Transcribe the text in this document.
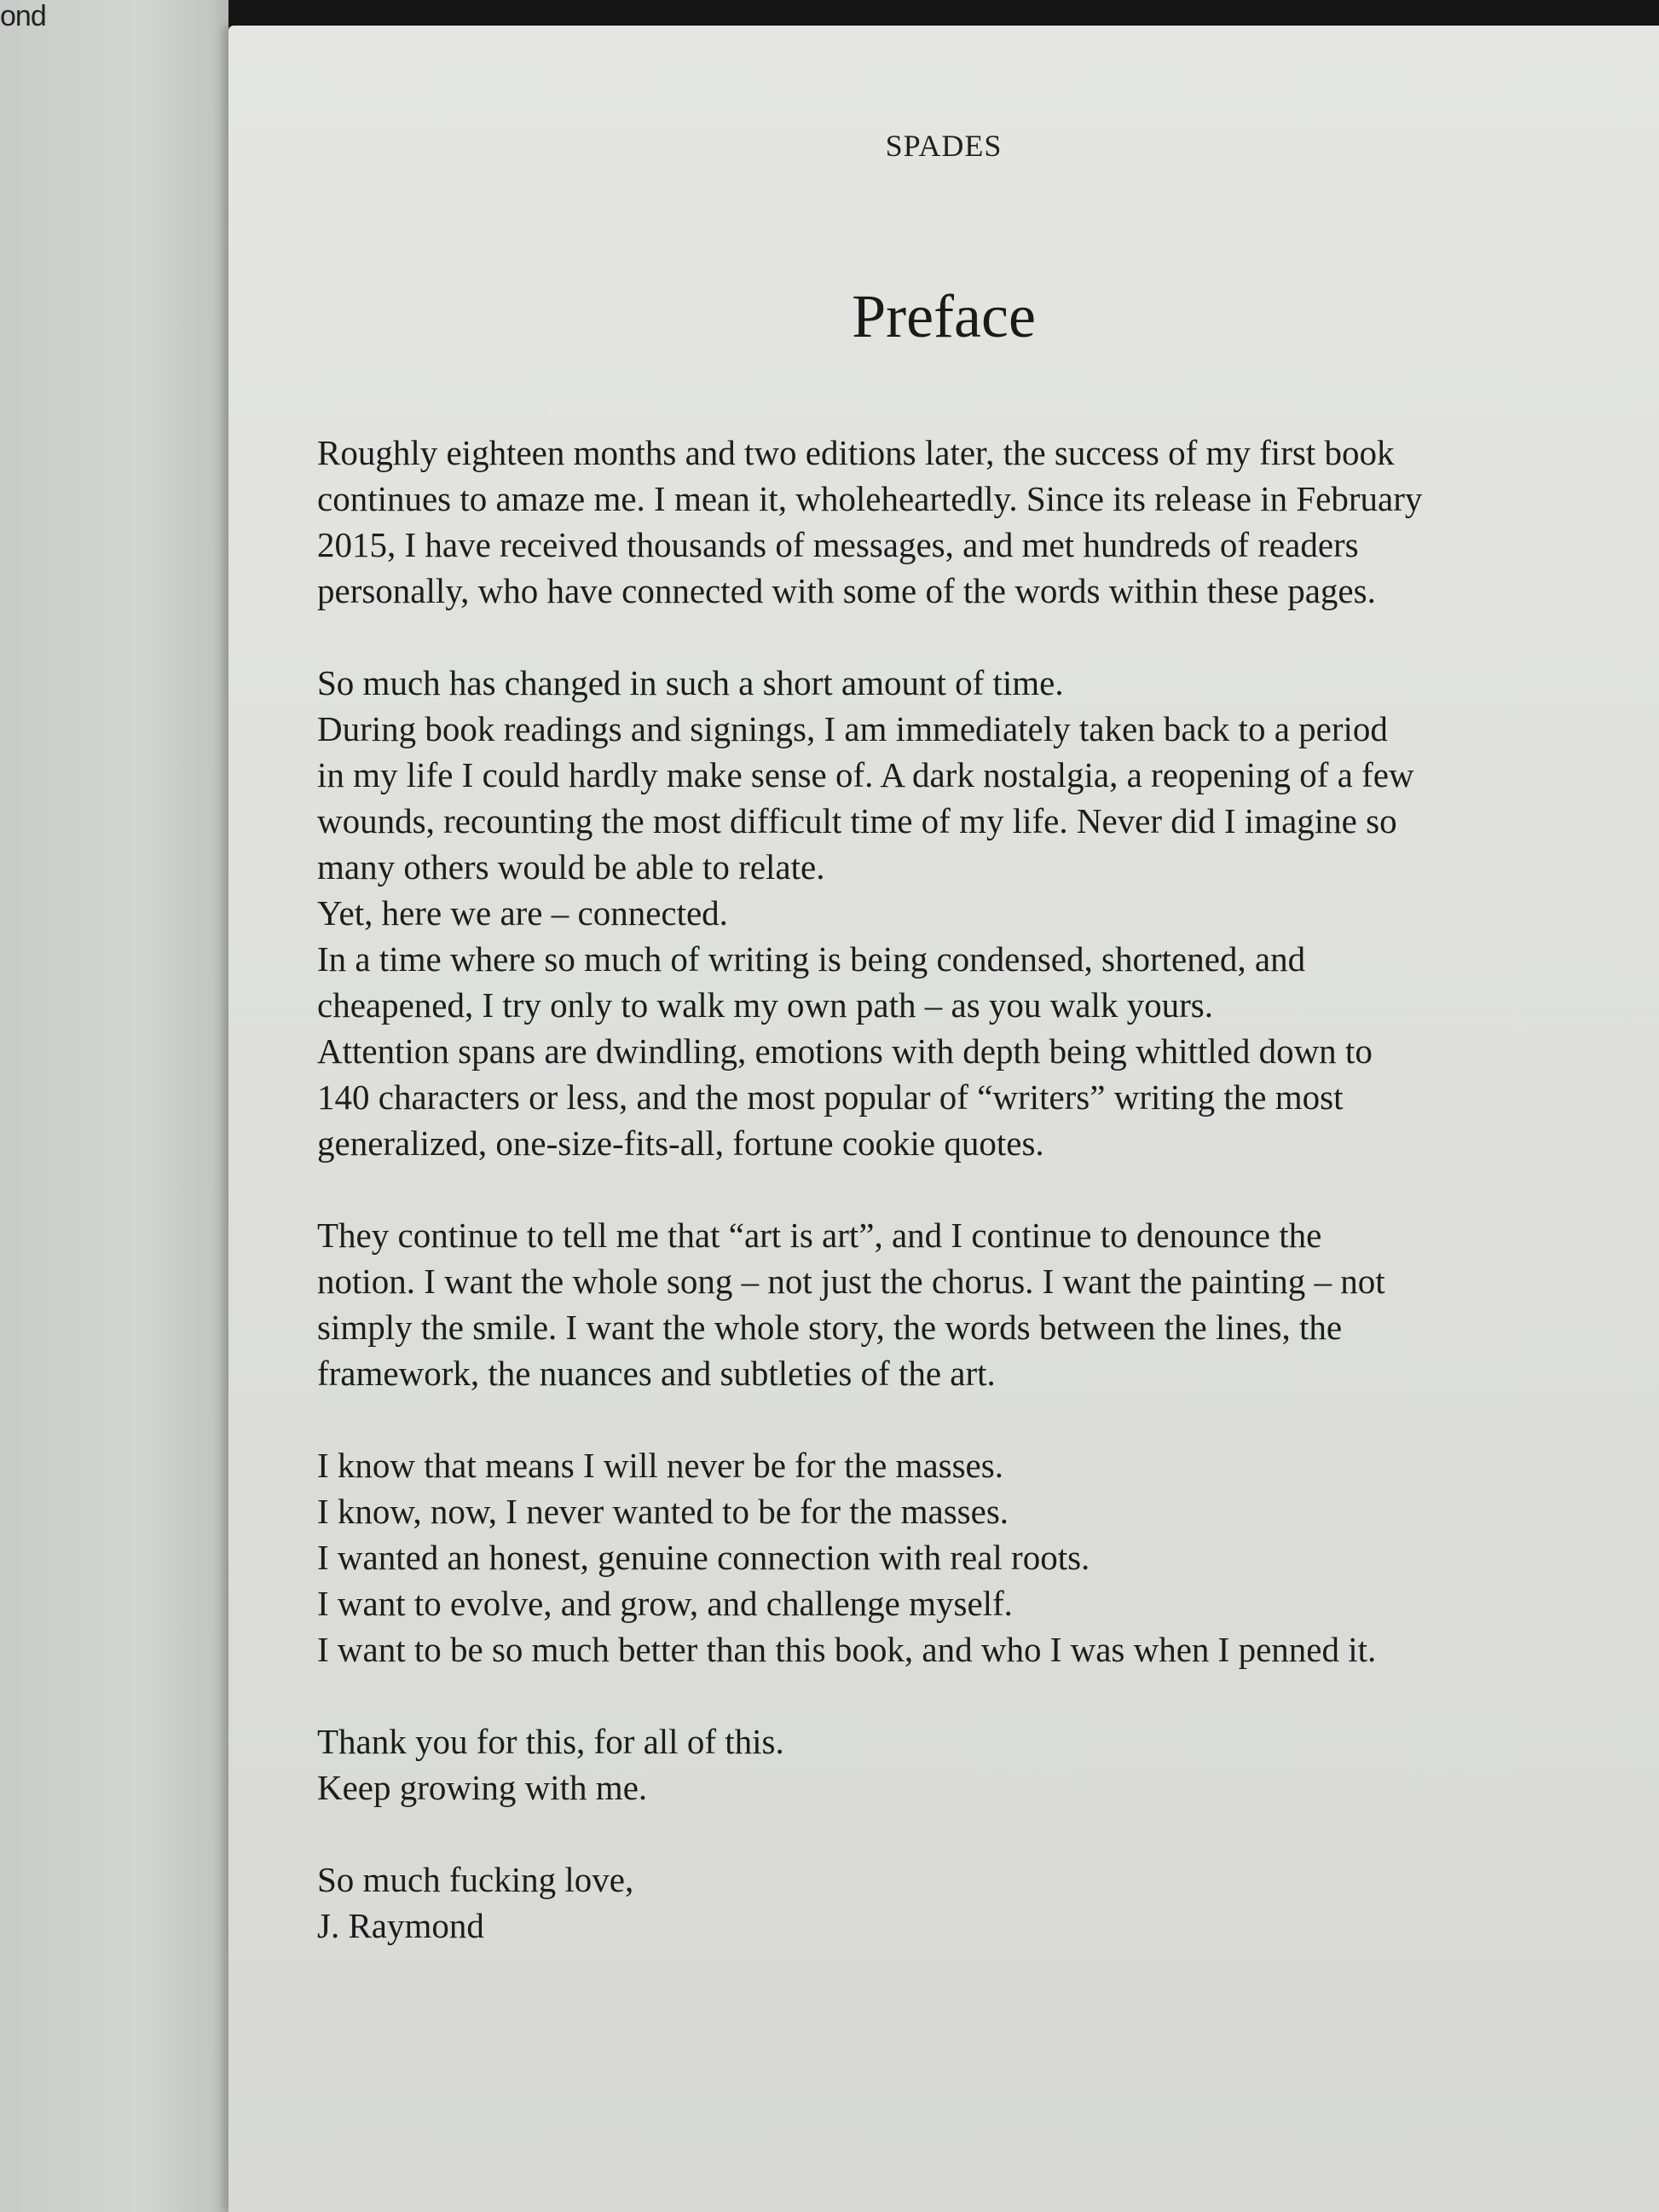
ond
SPADES
Preface

Roughly eighteen months and two editions later, the success of my first book
continues to amaze me. I mean it, wholeheartedly. Since its release in February
2015, I have received thousands of messages, and met hundreds of readers
personally, who have connected with some of the words within these pages.

So much has changed in such a short amount of time.
During book readings and signings, I am immediately taken back to a period
in my life I could hardly make sense of. A dark nostalgia, a reopening of a few
wounds, recounting the most difficult time of my life. Never did I imagine so
many others would be able to relate.
Yet, here we are – connected.
In a time where so much of writing is being condensed, shortened, and
cheapened, I try only to walk my own path – as you walk yours.
Attention spans are dwindling, emotions with depth being whittled down to
140 characters or less, and the most popular of “writers” writing the most
generalized, one-size-fits-all, fortune cookie quotes.

They continue to tell me that “art is art”, and I continue to denounce the
notion. I want the whole song – not just the chorus. I want the painting – not
simply the smile. I want the whole story, the words between the lines, the
framework, the nuances and subtleties of the art.

I know that means I will never be for the masses.
I know, now, I never wanted to be for the masses.
I wanted an honest, genuine connection with real roots.
I want to evolve, and grow, and challenge myself.
I want to be so much better than this book, and who I was when I penned it.

Thank you for this, for all of this.
Keep growing with me.

So much fucking love,
J. Raymond
